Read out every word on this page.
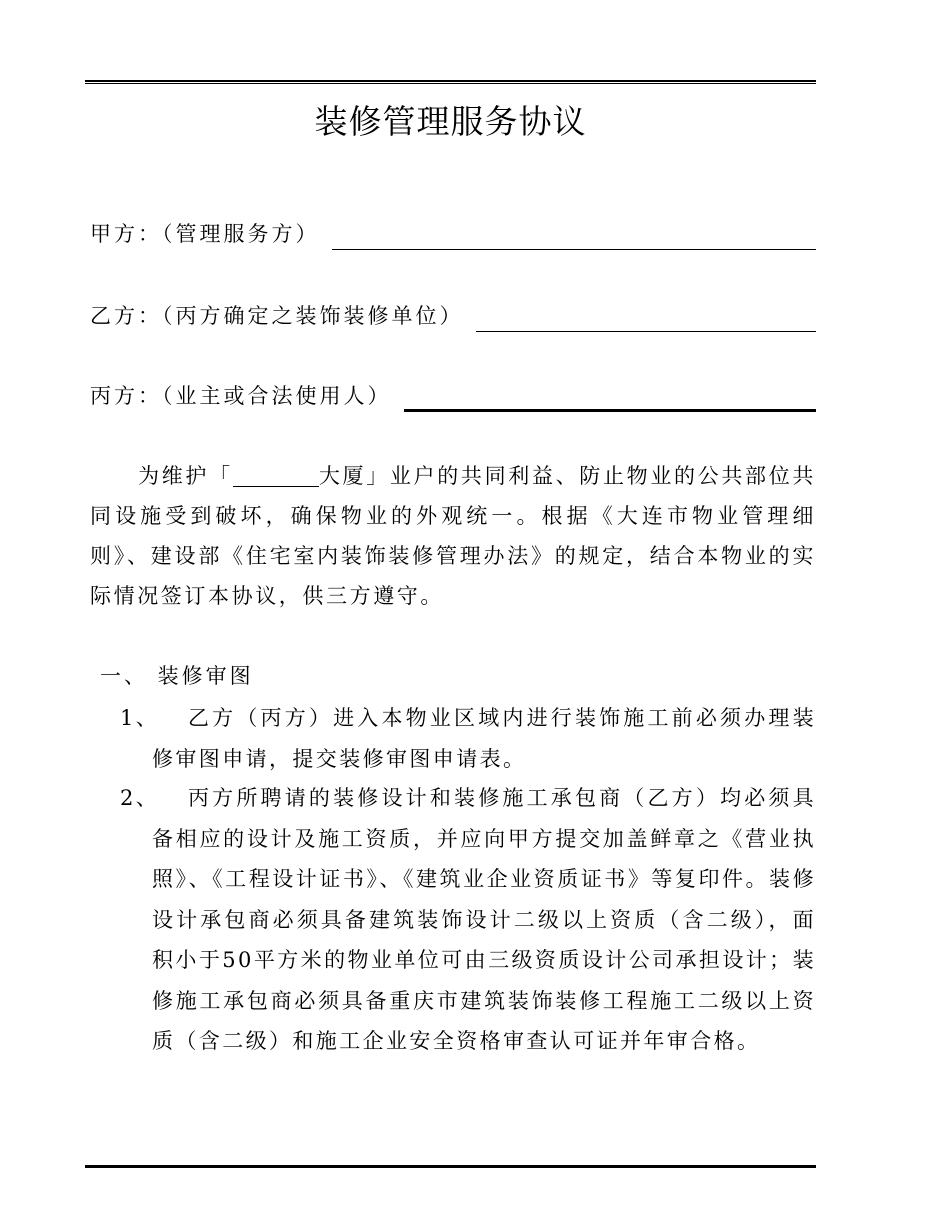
装修管理服务协议
甲方：（管理服务方）
乙方：（丙方确定之装饰装修单位）
丙方：（业主或合法使用人）

为维护「	大厦」业户的共同利益、防止物业的公共部位共同设施受到破坏，确保物业的外观统一。根据《大连市物业管理细则》、建设部《住宅室内装饰装修管理办法》的规定，结合本物业的实际情况签订本协议，供三方遵守。

一、 装修审图
1、	乙方（丙方）进入本物业区域内进行装饰施工前必须办理装修审图申请，提交装修审图申请表。
2、	丙方所聘请的装修设计和装修施工承包商（乙方）均必须具备相应的设计及施工资质，并应向甲方提交加盖鲜章之《营业执照》、《工程设计证书》、《建筑业企业资质证书》等复印件。装修设计承包商必须具备建筑装饰设计二级以上资质（含二级），面积小于50平方米的物业单位可由三级资质设计公司承担设计；装修施工承包商必须具备重庆市建筑装饰装修工程施工二级以上资质（含二级）和施工企业安全资格审查认可证并年审合格。
